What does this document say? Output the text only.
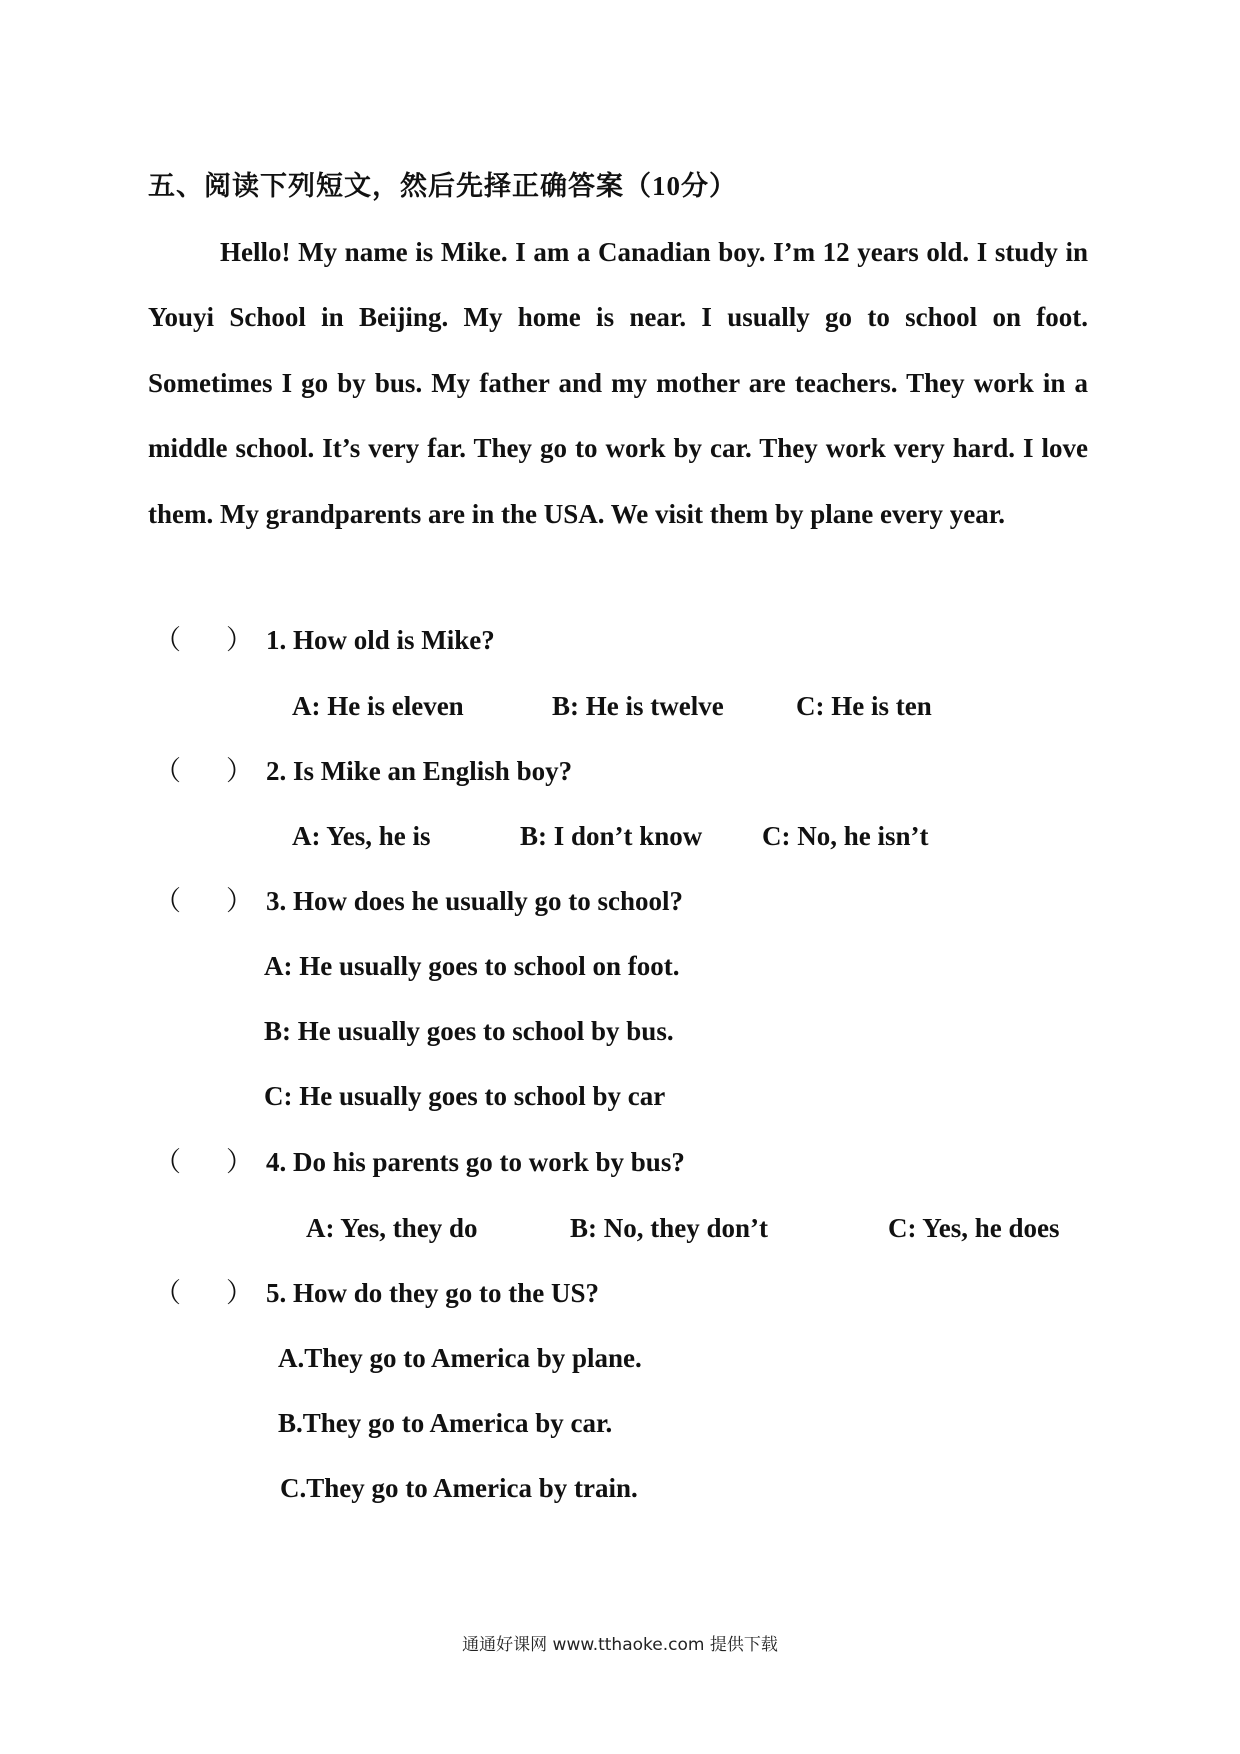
五、阅读下列短文，然后先择正确答案（10分）

Hello! My name is Mike. I am a Canadian boy. I’m 12 years old. I study in Youyi School in Beijing. My home is near. I usually go to school on foot. Sometimes I go by bus. My father and my mother are teachers. They work in a middle school. It’s very far. They go to work by car. They work very hard. I love them. My grandparents are in the USA. We visit them by plane every year.

（ ） 1. How old is Mike?
A: He is eleven	B: He is twelve	C: He is ten
（ ） 2. Is Mike an English boy?
A: Yes, he is	B: I don’t know C: No, he isn’t
（ ） 3. How does he usually go to school?
A: He usually goes to school on foot.
B: He usually goes to school by bus.
C: He usually goes to school by car
（ ） 4. Do his parents go to work by bus?
A: Yes, they do	B: No, they don’t	C: Yes, he does
（ ） 5. How do they go to the US?
A.They go to America by plane.
B.They go to America by car.
C.They go to America by train.
通通好课网 www.tthaoke.com 提供下载
